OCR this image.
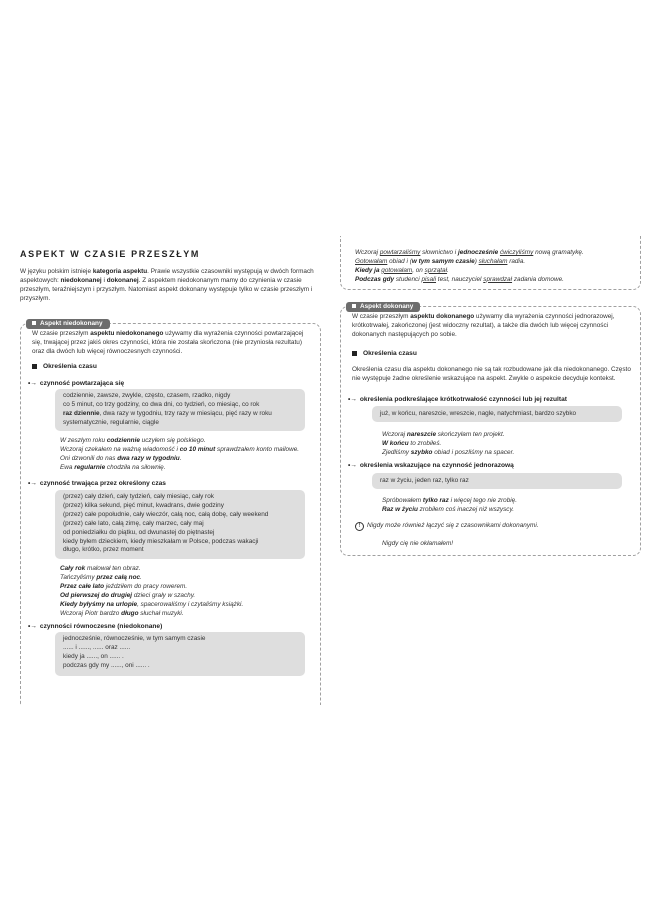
ASPEKT W CZASIE PRZESZŁYM
W języku polskim istnieje kategoria aspektu. Prawie wszystkie czasowniki występują w dwóch formach aspektowych: niedokonanej i dokonanej. Z aspektem niedokonanym mamy do czynienia w czasie przeszłym, teraźniejszym i przyszłym. Natomiast aspekt dokonany występuje tylko w czasie przeszłym i przyszłym.
Aspekt niedokonany
W czasie przeszłym aspektu niedokonanego używamy dla wyrażenia czynności powtarzającej się, trwającej przez jakiś okres czynności, która nie została skończona (nie przyniosła rezultatu) oraz dla dwóch lub więcej równoczesnych czynności.
Określenia czasu
•→ czynność powtarzająca się
codziennie, zawsze, zwykle, często, czasem, rzadko, nigdy
co 5 minut, co trzy godziny, co dwa dni, co tydzień, co miesiąc, co rok
raz dziennie, dwa razy w tygodniu, trzy razy w miesiącu, pięć razy w roku
systematycznie, regularnie, ciągle
W zeszłym roku codziennie uczyłem się polskiego.
Wczoraj czekałem na ważną wiadomość i co 10 minut sprawdzałem konto mailowe.
Oni dzwonili do nas dwa razy w tygodniu.
Ewa regularnie chodziła na siłownię.
•→ czynność trwająca przez określony czas
(przez) cały dzień, cały tydzień, cały miesiąc, cały rok
(przez) kilka sekund, pięć minut, kwadrans, dwie godziny
(przez) całe popołudnie, cały wieczór, całą noc, całą dobę, cały weekend
(przez) całe lato, całą zimę, cały marzec, cały maj
od poniedziałku do piątku, od dwunastej do piętnastej
kiedy byłem dzieckiem, kiedy mieszkałam w Polsce, podczas wakacji
długo, krótko, przez moment
Cały rok malował ten obraz.
Tańczyliśmy przez całą noc.
Przez całe lato jeździłem do pracy rowerem.
Od pierwszej do drugiej dzieci grały w szachy.
Kiedy byłyśmy na urlopie, spacerowaliśmy i czytaliśmy książki.
Wczoraj Piotr bardzo długo słuchał muzyki.
•→ czynności równoczesne (niedokonane)
jednocześnie, równocześnie, w tym samym czasie
...... i ......, ...... oraz ......
kiedy ja ......, on ...... .
podczas gdy my ......, oni ...... .
Wczoraj powtarzaliśmy słownictwo i jednocześnie ćwiczyliśmy nową gramatykę.
Gotowałam obiad i (w tym samym czasie) słuchałam radia.
Kiedy ja gotowałam, on sprzątał.
Podczas gdy studenci pisali test, nauczyciel sprawdzał zadania domowe.
Aspekt dokonany
W czasie przeszłym aspektu dokonanego używamy dla wyrażenia czynności jednorazowej, krótkotrwałej, zakończonej (jest widoczny rezultat), a także dla dwóch lub więcej czynności dokonanych następujących po sobie.
Określenia czasu
Określenia czasu dla aspektu dokonanego nie są tak rozbudowane jak dla niedokonanego. Często nie występuje żadne określenie wskazujące na aspekt. Zwykle o aspekcie decyduje kontekst.
•→ określenia podkreślające krótkotrwałość czynności lub jej rezultat
już, w końcu, nareszcie, wreszcie, nagle, natychmiast, bardzo szybko
Wczoraj nareszcie skończyłam ten projekt.
W końcu to zrobiłeś.
Zjedliśmy szybko obiad i poszliśmy na spacer.
•→ określenia wskazujące na czynność jednorazową
raz w życiu, jeden raz, tylko raz
Spróbowałem tylko raz i więcej tego nie zrobię.
Raz w życiu zrobiłem coś inaczej niż wszyscy.
! Nigdy może również łączyć się z czasownikami dokonanymi.
Nigdy cię nie okłamałem!
